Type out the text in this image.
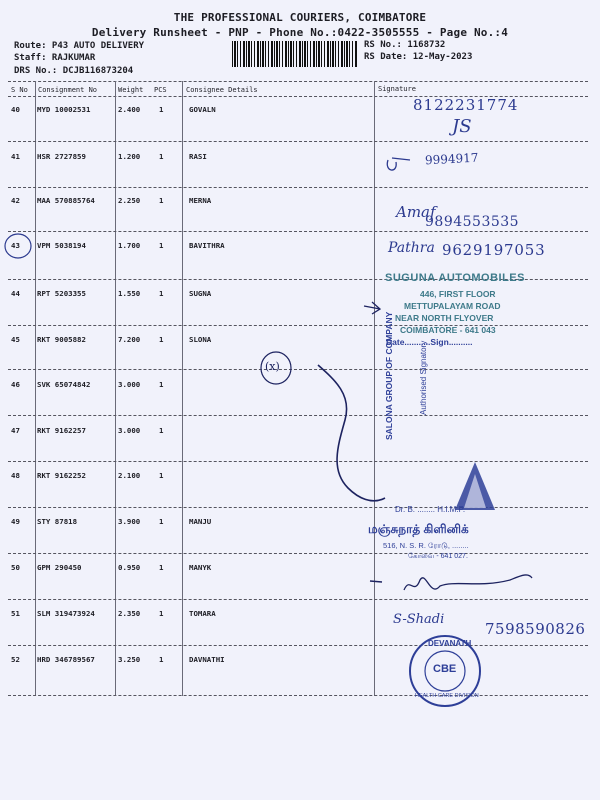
THE PROFESSIONAL COURIERS, COIMBATORE
Delivery Runsheet - PNP - Phone No.:0422-3505555 - Page No.:4
Route: P43 AUTO DELIVERY
Staff: RAJKUMAR
DRS No.: DCJB116873204
RS No.: 1168732
RS Date: 12-May-2023
S No Consignment No	Weight PCS	Consignee Details	Signature
40 MYD 10002531	2.400	1	GOVALN
41 HSR 2727859	1.200	1	RASI
42 MAA 570885764	2.250	1	MERNA
43 VPM 5038194	1.700	1	BAVITHRA
44 RPT 5203355	1.550	1	SUGNA
45 RKT 9005882	7.200	1	SLONA
46 SVK 65074842	3.000	1
47 RKT 9162257	3.000	1
48 RKT 9162252	2.100	1
49 STY 87818	3.900	1	MANJU
50 GPM 290450	0.950	1	MANYK
51 SLM 319473924	2.350	1	TOMARA
52 HRD 346789567	3.250	1	DAVNATHI
8122231774
JS
9994917
Amaf
9894553535
Pathra 9629197053
(x)
S-Shadi
7598590826
SUGUNA AUTOMOBILES
446, FIRST FLOOR
METTUPALAYAM ROAD
NEAR NORTH FLYOVER
COIMBATORE - 641 043
Date...........Sign..........
SALONA GROUP OF COMPANY	Authorised Signatory
Dr. B. ........ H.I.M.P.
மஞ்சுநாத் கிளினிக்
516, N. S. R. ரோடு, ........
கோவை - 641 027.
DEVANATH
CBE
HEALTH CARE DIVISION
